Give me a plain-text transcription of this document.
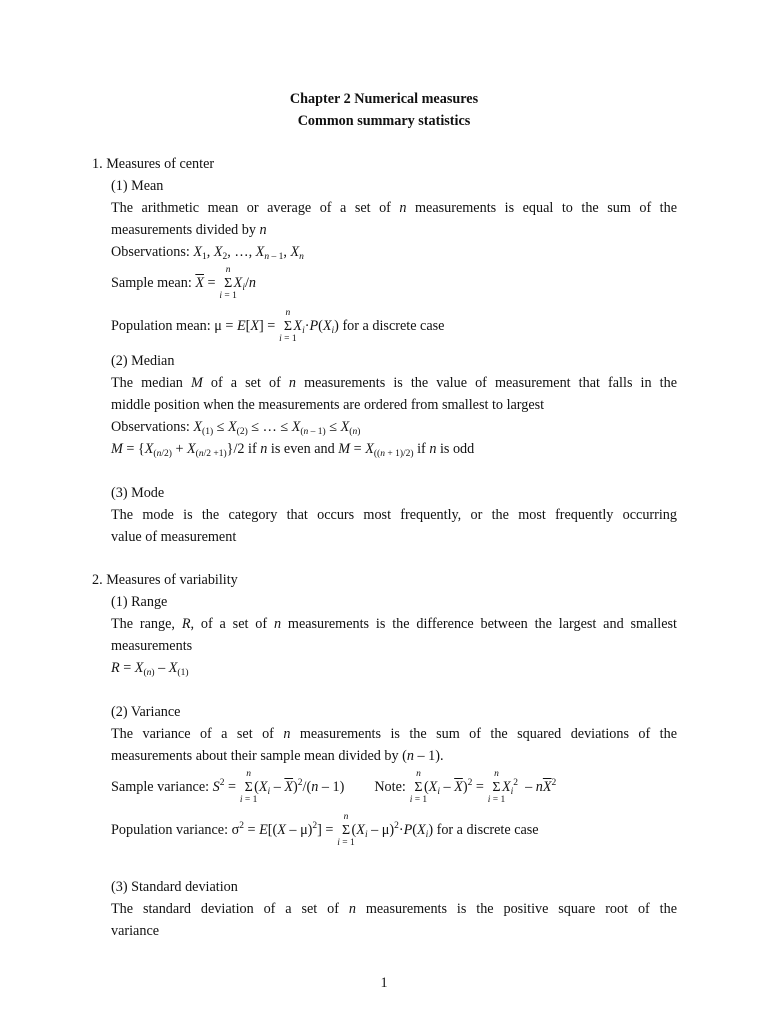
Chapter 2 Numerical measures
Common summary statistics
1. Measures of center
(1) Mean
The arithmetic mean or average of a set of n measurements is equal to the sum of the
measurements divided by n
Observations: $X_1$, $X_2$, …, $X_{n - 1}$, $X_n$
Sample mean: $\overline{X}$ =
n
Σ
i = 1
$X_i/n$
Population mean: μ = E[X] =
n
Σ
i = 1
$X_i\cdot P(X_i)$ for a discrete case
(2) Median
The median M of a set of n measurements is the value of measurement that falls in the
middle position when the measurements are ordered from smallest to largest
Observations: $X_{(1)} \le X_{(2)}$ ≤ … ≤ $X_{(n - 1)} \le X_{(n)}$
$M = \{X_{(n/2)} + X_{(n/2 +1)}\}/2$ if n is even and $M = X_{((n + 1)/2)}$ if n is odd
(3) Mode
The mode is the category that occurs most frequently, or the most frequently occurring
value of measurement
2. Measures of variability
(1) Range
The range, R, of a set of n measurements is the difference between the largest and smallest
measurements
$R = X_{(n)} - X_{(1)}$
(2) Variance
The variance of a set of n measurements is the sum of the squared deviations of the
measurements about their sample mean divided by (n – 1).
Sample variance: $S^2$ =
n
Σ
i = 1
$(X_i - \overline{X})^2/(n - 1)$ Note:
n
Σ
i = 1
$(X_i - \overline{X})^2$ =
n
Σ
i = 1
$X_i^2 - n\overline{X}^2$
Population variance: $\sigma^2 = E[(X - \mu)^2]$ =
n
Σ
i = 1
$(X_i - \mu)^2\cdot P(X_i)$ for a discrete case
(3) Standard deviation
The standard deviation of a set of n measurements is the positive square root of the
variance
1
